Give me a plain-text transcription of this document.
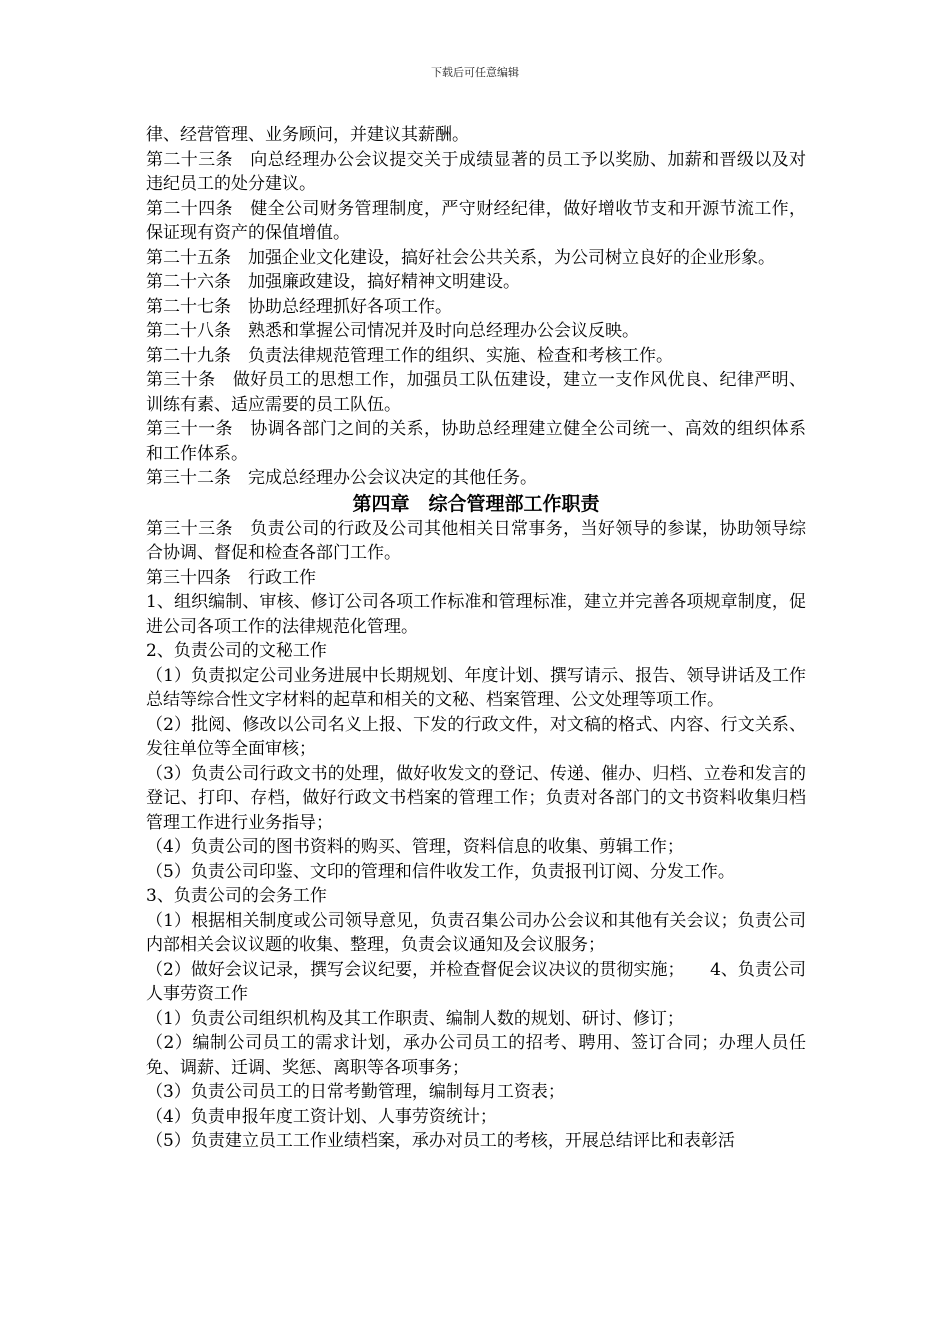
下载后可任意编辑

律、经营管理、业务顾问，并建议其薪酬。

第二十三条　向总经理办公会议提交关于成绩显著的员工予以奖励、加薪和晋级以及对违纪员工的处分建议。

第二十四条　健全公司财务管理制度，严守财经纪律，做好增收节支和开源节流工作，保证现有资产的保值增值。

第二十五条　加强企业文化建设，搞好社会公共关系，为公司树立良好的企业形象。

第二十六条　加强廉政建设，搞好精神文明建设。

第二十七条　协助总经理抓好各项工作。

第二十八条　熟悉和掌握公司情况并及时向总经理办公会议反映。

第二十九条　负责法律规范管理工作的组织、实施、检查和考核工作。

第三十条　做好员工的思想工作，加强员工队伍建设，建立一支作风优良、纪律严明、训练有素、适应需要的员工队伍。

第三十一条　协调各部门之间的关系，协助总经理建立健全公司统一、高效的组织体系和工作体系。

第三十二条　完成总经理办公会议决定的其他任务。

第四章　综合管理部工作职责

第三十三条　负责公司的行政及公司其他相关日常事务，当好领导的参谋，协助领导综合协调、督促和检查各部门工作。

第三十四条　行政工作

1、组织编制、审核、修订公司各项工作标准和管理标准，建立并完善各项规章制度，促进公司各项工作的法律规范化管理。

2、负责公司的文秘工作

（1）负责拟定公司业务进展中长期规划、年度计划、撰写请示、报告、领导讲话及工作总结等综合性文字材料的起草和相关的文秘、档案管理、公文处理等项工作。

（2）批阅、修改以公司名义上报、下发的行政文件，对文稿的格式、内容、行文关系、发往单位等全面审核；

（3）负责公司行政文书的处理，做好收发文的登记、传递、催办、归档、立卷和发言的登记、打印、存档，做好行政文书档案的管理工作；负责对各部门的文书资料收集归档管理工作进行业务指导；

（4）负责公司的图书资料的购买、管理，资料信息的收集、剪辑工作；

（5）负责公司印鉴、文印的管理和信件收发工作，负责报刊订阅、分发工作。

3、负责公司的会务工作

（1）根据相关制度或公司领导意见，负责召集公司办公会议和其他有关会议；负责公司内部相关会议议题的收集、整理，负责会议通知及会议服务；

（2）做好会议记录，撰写会议纪要，并检查督促会议决议的贯彻实施；　　4、负责公司人事劳资工作

（1）负责公司组织机构及其工作职责、编制人数的规划、研讨、修订；

（2）编制公司员工的需求计划，承办公司员工的招考、聘用、签订合同；办理人员任免、调薪、迁调、奖惩、离职等各项事务；

（3）负责公司员工的日常考勤管理，编制每月工资表；

（4）负责申报年度工资计划、人事劳资统计；

（5）负责建立员工工作业绩档案，承办对员工的考核，开展总结评比和表彰活
